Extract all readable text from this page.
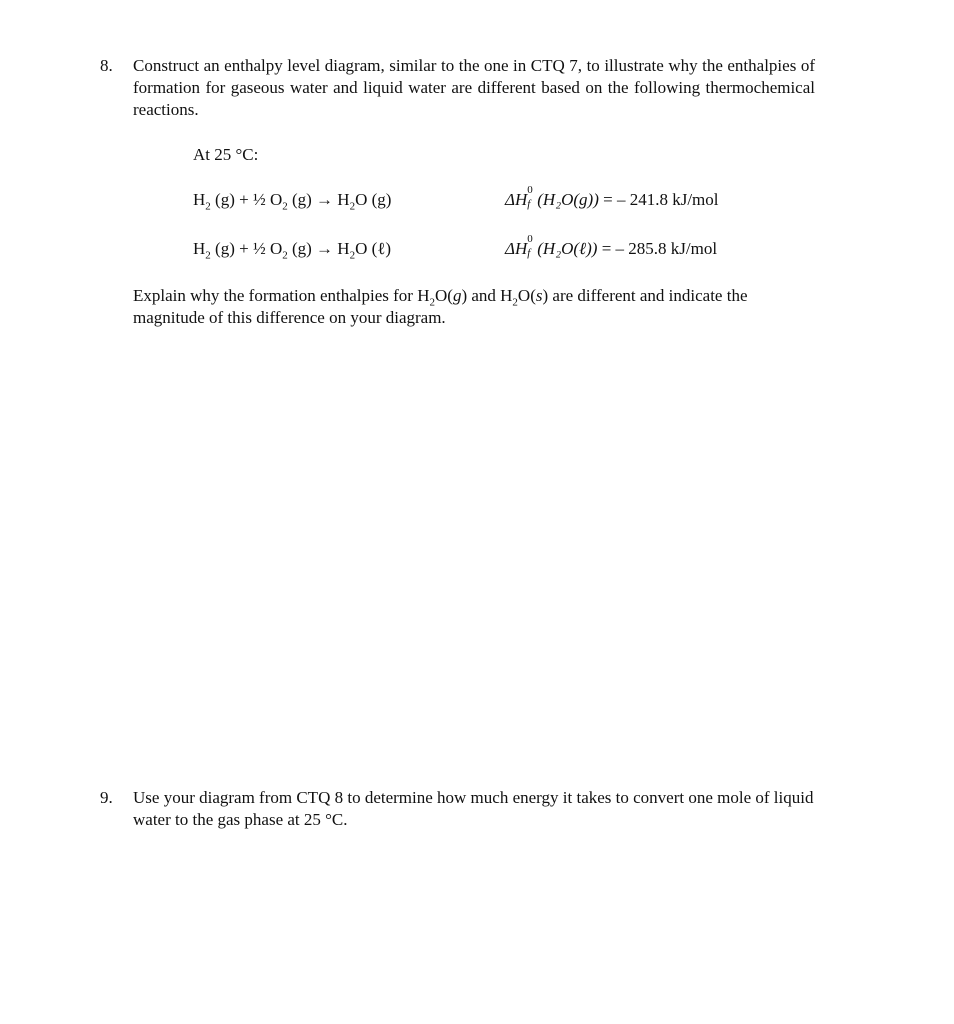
8. Construct an enthalpy level diagram, similar to the one in CTQ 7, to illustrate why the enthalpies of formation for gaseous water and liquid water are different based on the following thermochemical reactions.
At 25 °C:
$H_2$ (g) + ½ $O_2$ $(g) \to H_2O$ (g)	ΔH 0
f (H₂O(g)) = – 241.8 kJ/mol
$H_2$ (g) + ½ $O_2$ $(g) \to H_2O$ (ℓ)	ΔH 0
f (H₂O(ℓ)) = – 285.8 kJ/mol
Explain why the formation enthalpies for $H_2O(g)$ and $H_2O(s)$ are different and indicate the magnitude of this difference on your diagram.
9. Use your diagram from CTQ 8 to determine how much energy it takes to convert one mole of liquid water to the gas phase at 25 °C.
